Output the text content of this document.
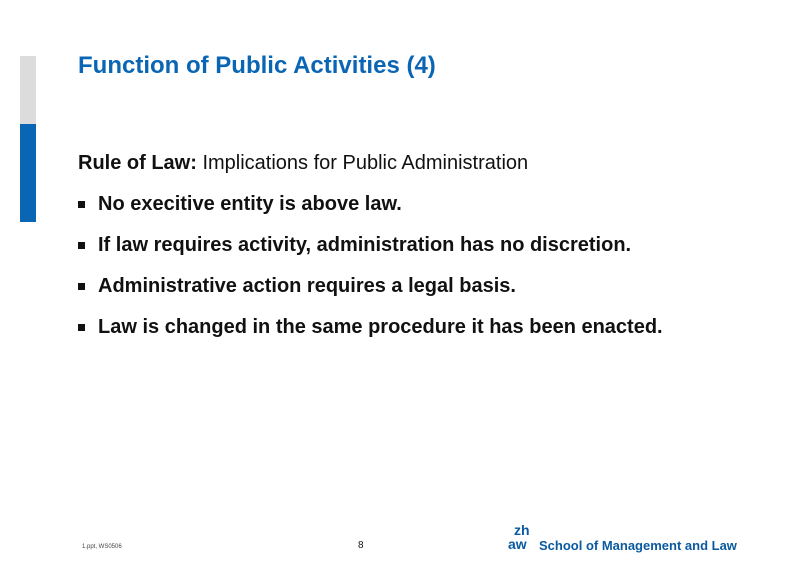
Function of Public Activities (4)
Rule of Law: Implications for Public Administration
No execitive entity is above law.
If law requires activity, administration has no discretion.
Administrative action requires a legal basis.
Law is changed in the same procedure it has been enacted.
1.ppt, WS0506	8
zh
aw School of Management and Law
